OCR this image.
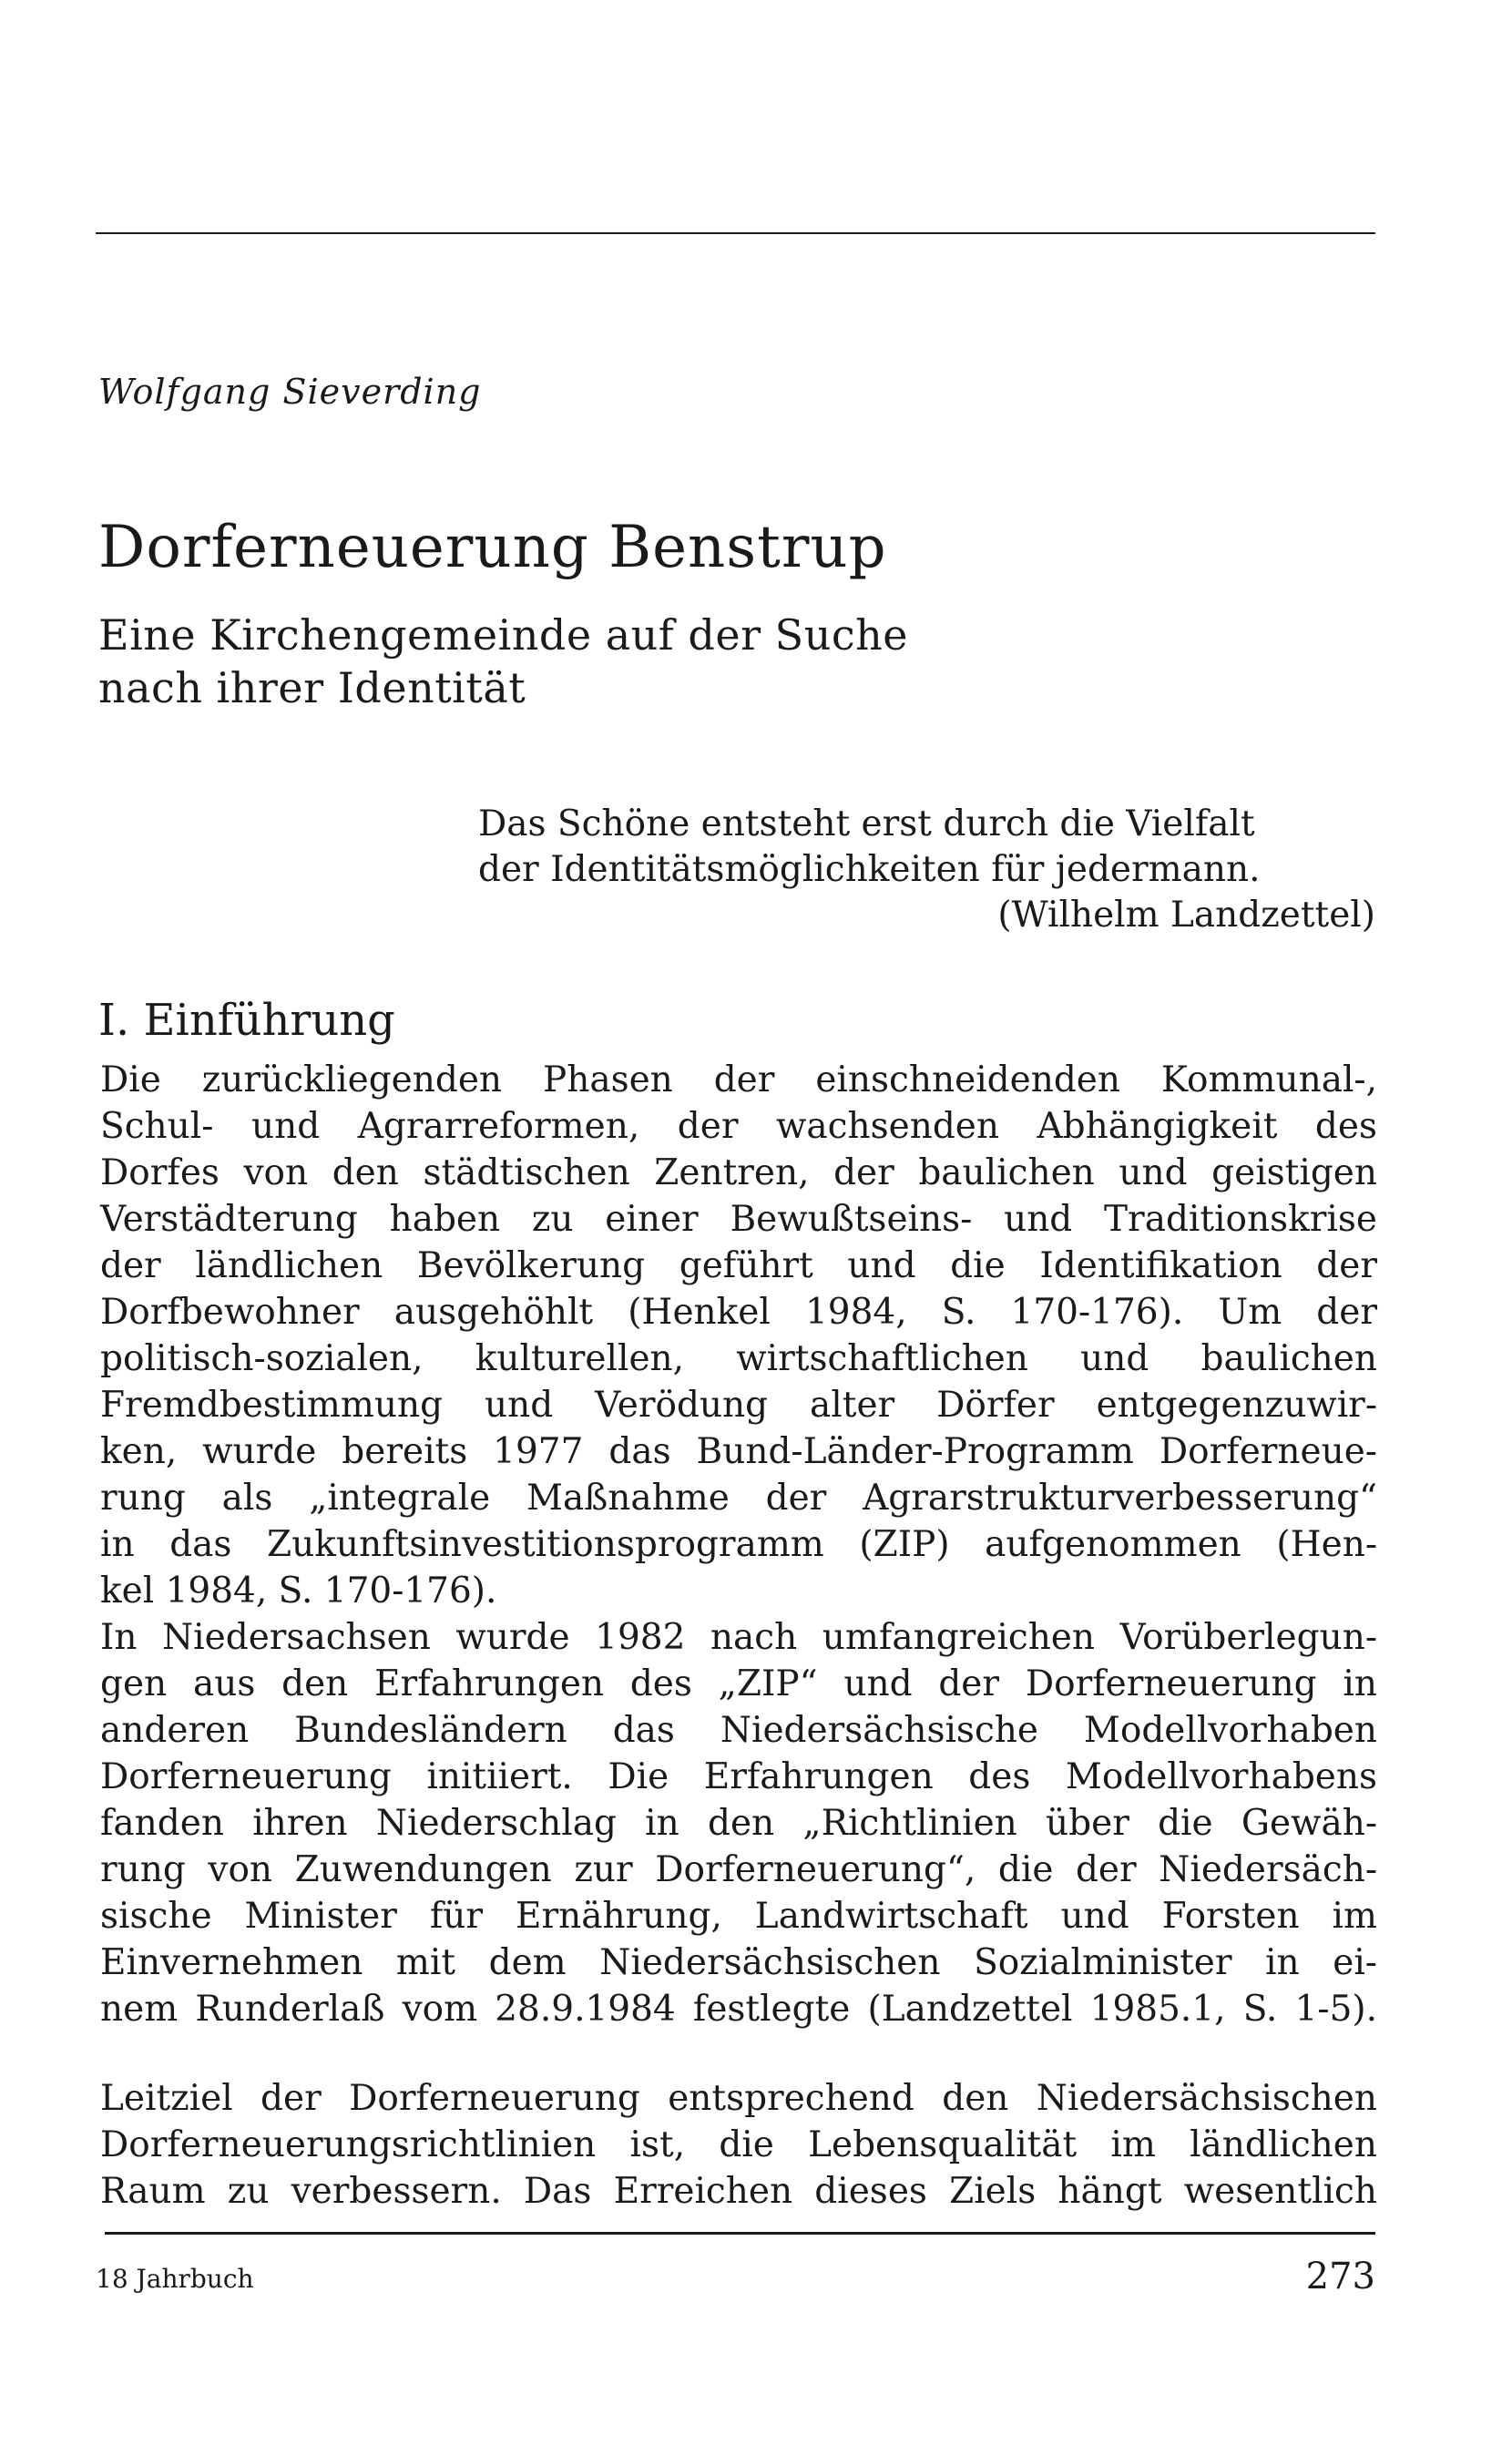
Wolfgang Sieverding
Dorferneuerung Benstrup
Eine Kirchengemeinde auf der Suche
nach ihrer Identität
Das Schöne entsteht erst durch die Vielfalt
der Identitätsmöglichkeiten für jedermann.
(Wilhelm Landzettel)
I. Einführung
Die zurückliegenden Phasen der einschneidenden Kommunal-,
Schul- und Agrarreformen, der wachsenden Abhängigkeit des
Dorfes von den städtischen Zentren, der baulichen und geistigen
Verstädterung haben zu einer Bewußtseins- und Traditionskrise
der ländlichen Bevölkerung geführt und die Identifikation der
Dorfbewohner ausgehöhlt (Henkel 1984, S. 170-176). Um der
politisch-sozialen, kulturellen, wirtschaftlichen und baulichen
Fremdbestimmung und Verödung alter Dörfer entgegenzuwir-
ken, wurde bereits 1977 das Bund-Länder-Programm Dorferneue-
rung als „integrale Maßnahme der Agrarstrukturverbesserung“
in das Zukunftsinvestitionsprogramm (ZIP) aufgenommen (Hen-
kel 1984, S. 170-176).
In Niedersachsen wurde 1982 nach umfangreichen Vorüberlegun-
gen aus den Erfahrungen des „ZIP“ und der Dorferneuerung in
anderen Bundesländern das Niedersächsische Modellvorhaben
Dorferneuerung initiiert. Die Erfahrungen des Modellvorhabens
fanden ihren Niederschlag in den „Richtlinien über die Gewäh-
rung von Zuwendungen zur Dorferneuerung“, die der Niedersäch-
sische Minister für Ernährung, Landwirtschaft und Forsten im
Einvernehmen mit dem Niedersächsischen Sozialminister in ei-
nem Runderlaß vom 28.9.1984 festlegte (Landzettel 1985.1, S. 1-5).
Leitziel der Dorferneuerung entsprechend den Niedersächsischen
Dorferneuerungsrichtlinien ist, die Lebensqualität im ländlichen
Raum zu verbessern. Das Erreichen dieses Ziels hängt wesentlich
18 Jahrbuch	273
